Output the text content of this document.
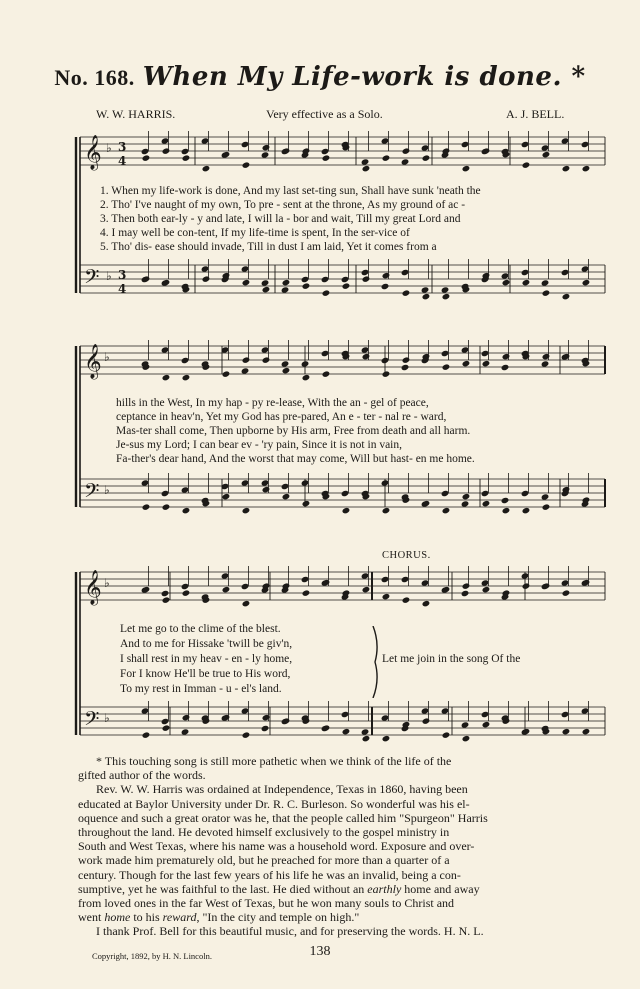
No. 168. When My Life-work is done. *
W. W. HARRIS.	Very effective as a Solo.	A. J. BELL.
𝄞
𝄢
𝄞
𝄢
𝄞
𝄢
♭
♭
♭
♭
♭
♭
3
4
3
4
1. When my life-work is done, And my last set-ting sun, Shall have sunk 'neath the
2. Tho' I've naught of my own, To pre - sent at the throne, As my ground of ac -
3. Then both ear-ly - y and late, I will la - bor and wait, Till my great Lord and
4. I may well be con-tent, If my life-time is spent, In the ser-vice of
5. Tho' dis- ease should invade, Till in dust I am laid, Yet it comes from a
hills in the West, In my hap - py re-lease, With the an - gel of peace,
ceptance in heav'n, Yet my God has pre-pared, An e - ter - nal re - ward,
Mas-ter shall come, Then upborne by His arm, Free from death and all harm.
Je-sus my Lord; I can bear ev - 'ry pain, Since it is not in vain,
Fa-ther's dear hand, And the worst that may come, Will but hast- en me home.
CHORUS.
Let me go to the clime of the blest.
And to me for Hissake 'twill be giv'n,
I shall rest in my heav - en - ly home,
For I know He'll be true to His word,
To my rest in Imman - u - el's land.
Let me join in the song Of the

* This touching song is still more pathetic when we think of the life of the

gifted author of the words.

Rev. W. W. Harris was ordained at Independence, Texas in 1860, having been

educated at Baylor University under Dr. R. C. Burleson. So wonderful was his el-

oquence and such a great orator was he, that the people called him "Spurgeon" Harris

throughout the land. He devoted himself exclusively to the gospel ministry in

South and West Texas, where his name was a household word. Exposure and over-

work made him prematurely old, but he preached for more than a quarter of a

century. Though for the last few years of his life he was an invalid, being a con-

sumptive, yet he was faithful to the last. He died without an earthly home and away

from loved ones in the far West of Texas, but he won many souls to Christ and

went home to his reward, "In the city and temple on high."

I thank Prof. Bell for this beautiful music, and for preserving the words. H. N. L.

Copyright, 1892, by H. N. Lincoln.	138
